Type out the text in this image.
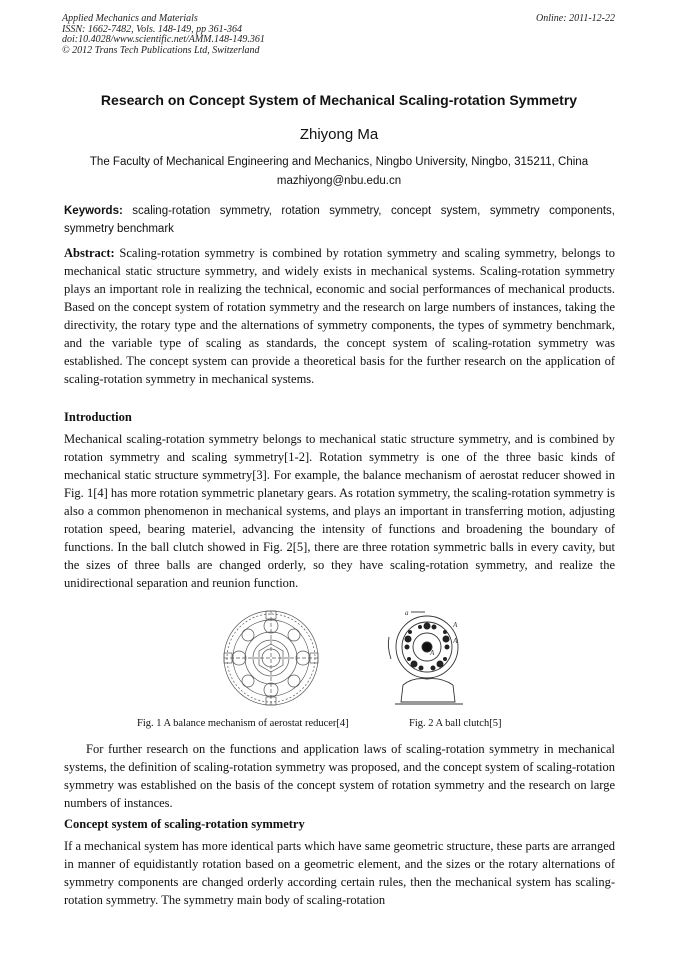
Applied Mechanics and Materials
ISSN: 1662-7482, Vols. 148-149, pp 361-364
doi:10.4028/www.scientific.net/AMM.148-149.361
© 2012 Trans Tech Publications Ltd, Switzerland
Online: 2011-12-22
Research on Concept System of Mechanical Scaling-rotation Symmetry
Zhiyong Ma
The Faculty of Mechanical Engineering and Mechanics, Ningbo University, Ningbo, 315211, China
mazhiyong@nbu.edu.cn
Keywords: scaling-rotation symmetry, rotation symmetry, concept system, symmetry components, symmetry benchmark
Abstract: Scaling-rotation symmetry is combined by rotation symmetry and scaling symmetry, belongs to mechanical static structure symmetry, and widely exists in mechanical systems. Scaling-rotation symmetry plays an important role in realizing the technical, economic and social performances of mechanical products. Based on the concept system of rotation symmetry and the research on large numbers of instances, taking the directivity, the rotary type and the alternations of symmetry components, the types of symmetry benchmark, and the variable type of scaling as standards, the concept system of scaling-rotation symmetry was established. The concept system can provide a theoretical basis for the further research on the application of scaling-rotation symmetry in mechanical systems.
Introduction
Mechanical scaling-rotation symmetry belongs to mechanical static structure symmetry, and is combined by rotation symmetry and scaling symmetry[1-2]. Rotation symmetry is one of the three basic kinds of mechanical static structure symmetry[3]. For example, the balance mechanism of aerostat reducer showed in Fig. 1[4] has more rotation symmetric planetary gears. As rotation symmetry, the scaling-rotation symmetry is also a common phenomenon in mechanical systems, and plays an important in transferring motion, adjusting rotation speed, bearing materiel, advancing the intensity of functions and broadening the boundary of functions. In the ball clutch showed in Fig. 2[5], there are three rotation symmetric balls in every cavity, but the sizes of three balls are changed orderly, so they have scaling-rotation symmetry, and realize the unidirectional separation and reunion function.
a
A
A
A
Fig. 1 A balance mechanism of aerostat reducer[4]	Fig. 2 A ball clutch[5]
For further research on the functions and application laws of scaling-rotation symmetry in mechanical systems, the definition of scaling-rotation symmetry was proposed, and the concept system of scaling-rotation symmetry was established on the basis of the concept system of rotation symmetry and the research on large numbers of instances.
Concept system of scaling-rotation symmetry
If a mechanical system has more identical parts which have same geometric structure, these parts are arranged in manner of equidistantly rotation based on a geometric element, and the sizes or the rotary alternations of symmetry components are changed orderly according certain rules, then the mechanical system has scaling-rotation symmetry. The symmetry main body of scaling-rotation
